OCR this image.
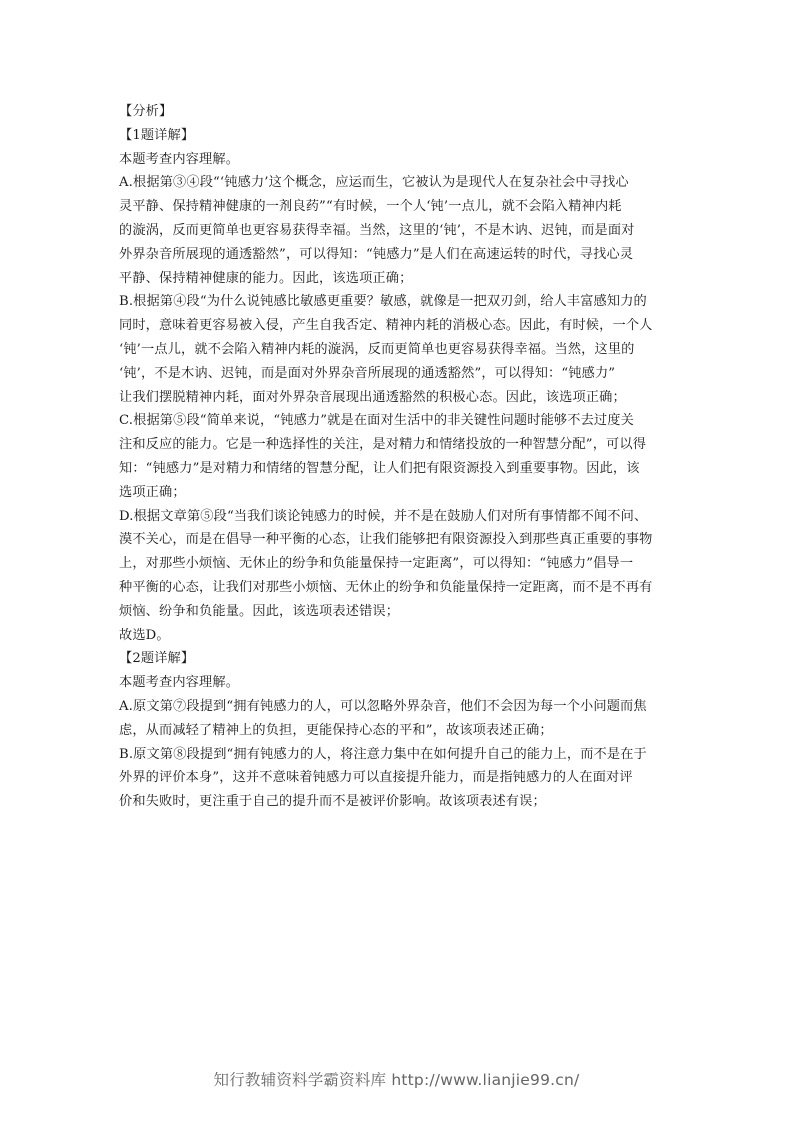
【分析】
【1题详解】
本题考查内容理解。
A.根据第③④段“‘钝感力’这个概念，应运而生，它被认为是现代人在复杂社会中寻找心
灵平静、保持精神健康的一剂良药”“有时候，一个人‘钝’一点儿，就不会陷入精神内耗
的漩涡，反而更简单也更容易获得幸福。当然，这里的‘钝’，不是木讷、迟钝，而是面对
外界杂音所展现的通透豁然”，可以得知：“钝感力”是人们在高速运转的时代，寻找心灵
平静、保持精神健康的能力。因此，该选项正确；
B.根据第④段“为什么说钝感比敏感更重要？敏感，就像是一把双刃剑，给人丰富感知力的
同时，意味着更容易被入侵，产生自我否定、精神内耗的消极心态。因此，有时候，一个人
‘钝’一点儿，就不会陷入精神内耗的漩涡，反而更简单也更容易获得幸福。当然，这里的
‘钝’，不是木讷、迟钝，而是面对外界杂音所展现的通透豁然”，可以得知：“钝感力”
让我们摆脱精神内耗，面对外界杂音展现出通透豁然的积极心态。因此，该选项正确；
C.根据第⑤段“简单来说，“钝感力”就是在面对生活中的非关键性问题时能够不去过度关
注和反应的能力。它是一种选择性的关注，是对精力和情绪投放的一种智慧分配”，可以得
知：“钝感力”是对精力和情绪的智慧分配，让人们把有限资源投入到重要事物。因此，该
选项正确；
D.根据文章第⑤段“当我们谈论钝感力的时候，并不是在鼓励人们对所有事情都不闻不问、
漠不关心，而是在倡导一种平衡的心态，让我们能够把有限资源投入到那些真正重要的事物
上，对那些小烦恼、无休止的纷争和负能量保持一定距离”，可以得知：“钝感力”倡导一
种平衡的心态，让我们对那些小烦恼、无休止的纷争和负能量保持一定距离，而不是不再有
烦恼、纷争和负能量。因此，该选项表述错误；
故选D。
【2题详解】
本题考查内容理解。
A.原文第⑦段提到“拥有钝感力的人，可以忽略外界杂音，他们不会因为每一个小问题而焦
虑，从而减轻了精神上的负担，更能保持心态的平和”，故该项表述正确；
B.原文第⑧段提到“拥有钝感力的人，将注意力集中在如何提升自己的能力上，而不是在于
外界的评价本身”，这并不意味着钝感力可以直接提升能力，而是指钝感力的人在面对评
价和失败时，更注重于自己的提升而不是被评价影响。故该项表述有误；
知行教辅资料学霸资料库 http://www.lianjie99.cn/
